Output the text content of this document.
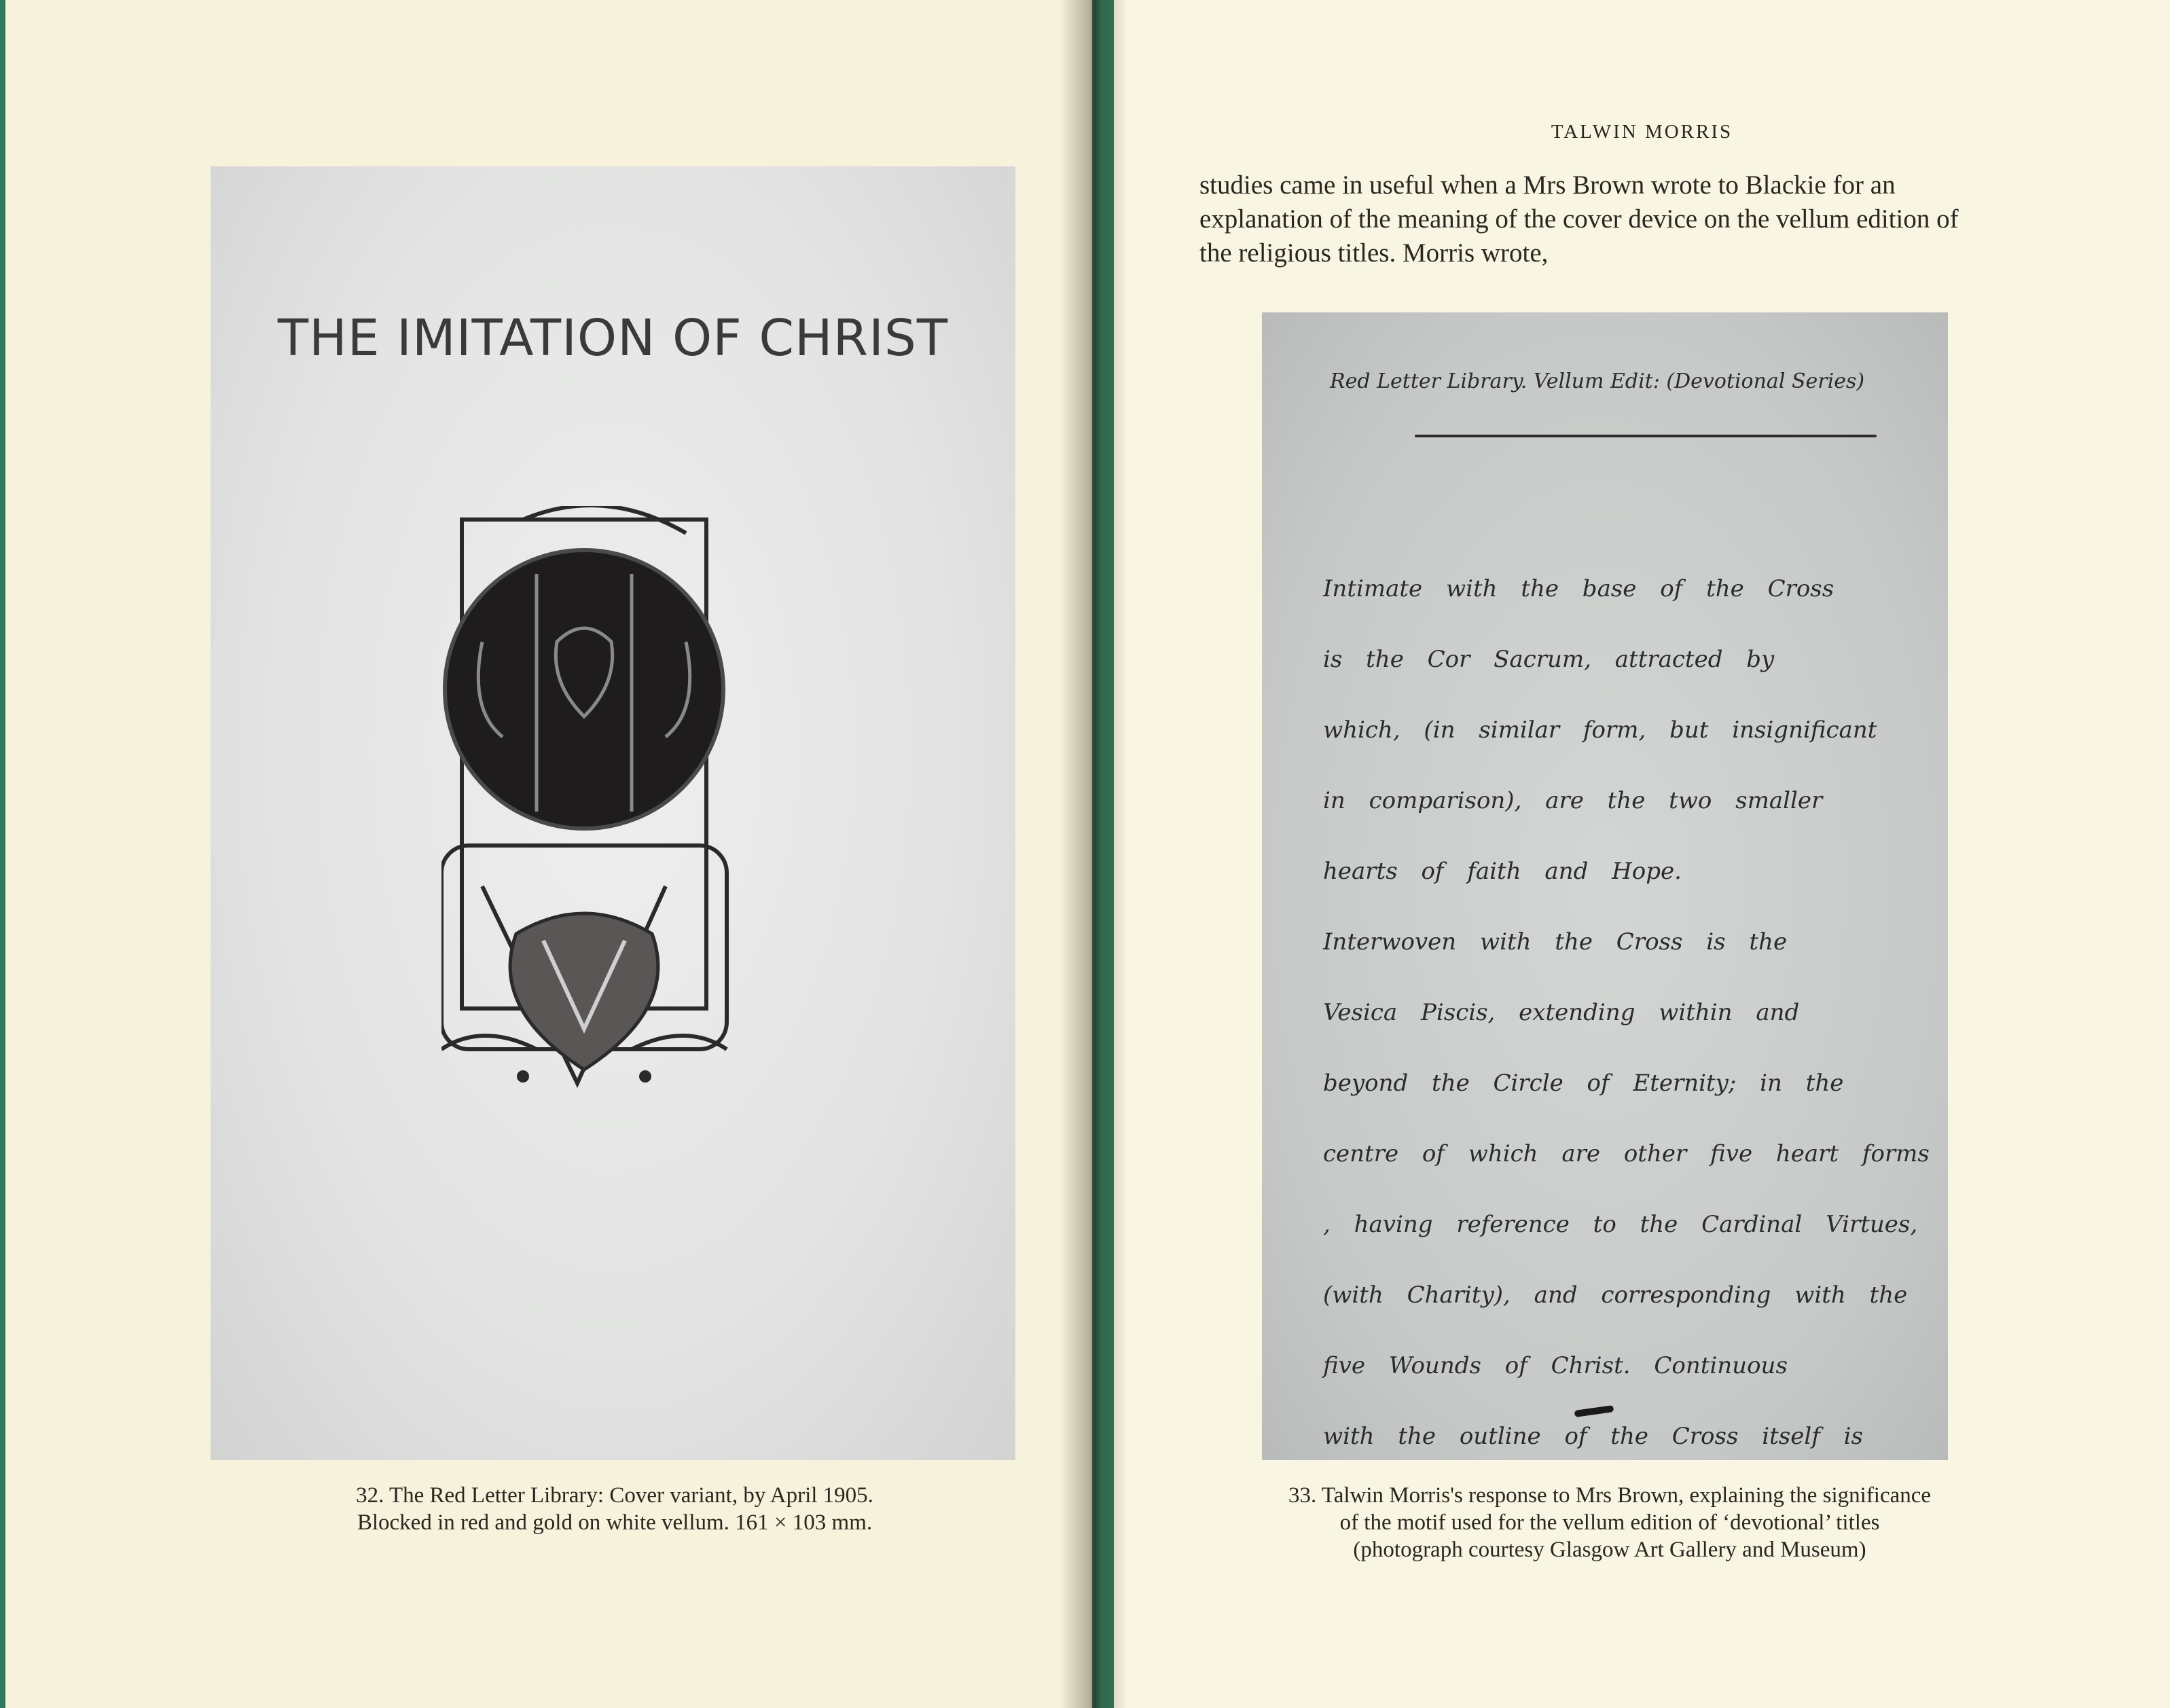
TALWIN MORRIS
studies came in useful when a Mrs Brown wrote to Blackie for an
explanation of the meaning of the cover device on the vellum edition of
the religious titles. Morris wrote,
THE IMITATION OF CHRIST
Red Letter Library. Vellum Edit: (Devotional Series)
Intimate with the base of the Cross
is the Cor Sacrum, attracted by
which, (in similar form, but insignificant
in comparison), are the two smaller
hearts of faith and Hope.
Interwoven with the Cross is the
Vesica Piscis, extending within and
beyond the Circle of Eternity; in the
centre of which are other five heart forms
, having reference to the Cardinal Virtues,
(with Charity), and corresponding with the
five Wounds of Christ. Continuous
with the outline of the Cross itself is
32. The Red Letter Library: Cover variant, by April 1905.
Blocked in red and gold on white vellum. 161 × 103 mm.
33. Talwin Morris's response to Mrs Brown, explaining the significance
of the motif used for the vellum edition of ‘devotional’ titles
(photograph courtesy Glasgow Art Gallery and Museum)
